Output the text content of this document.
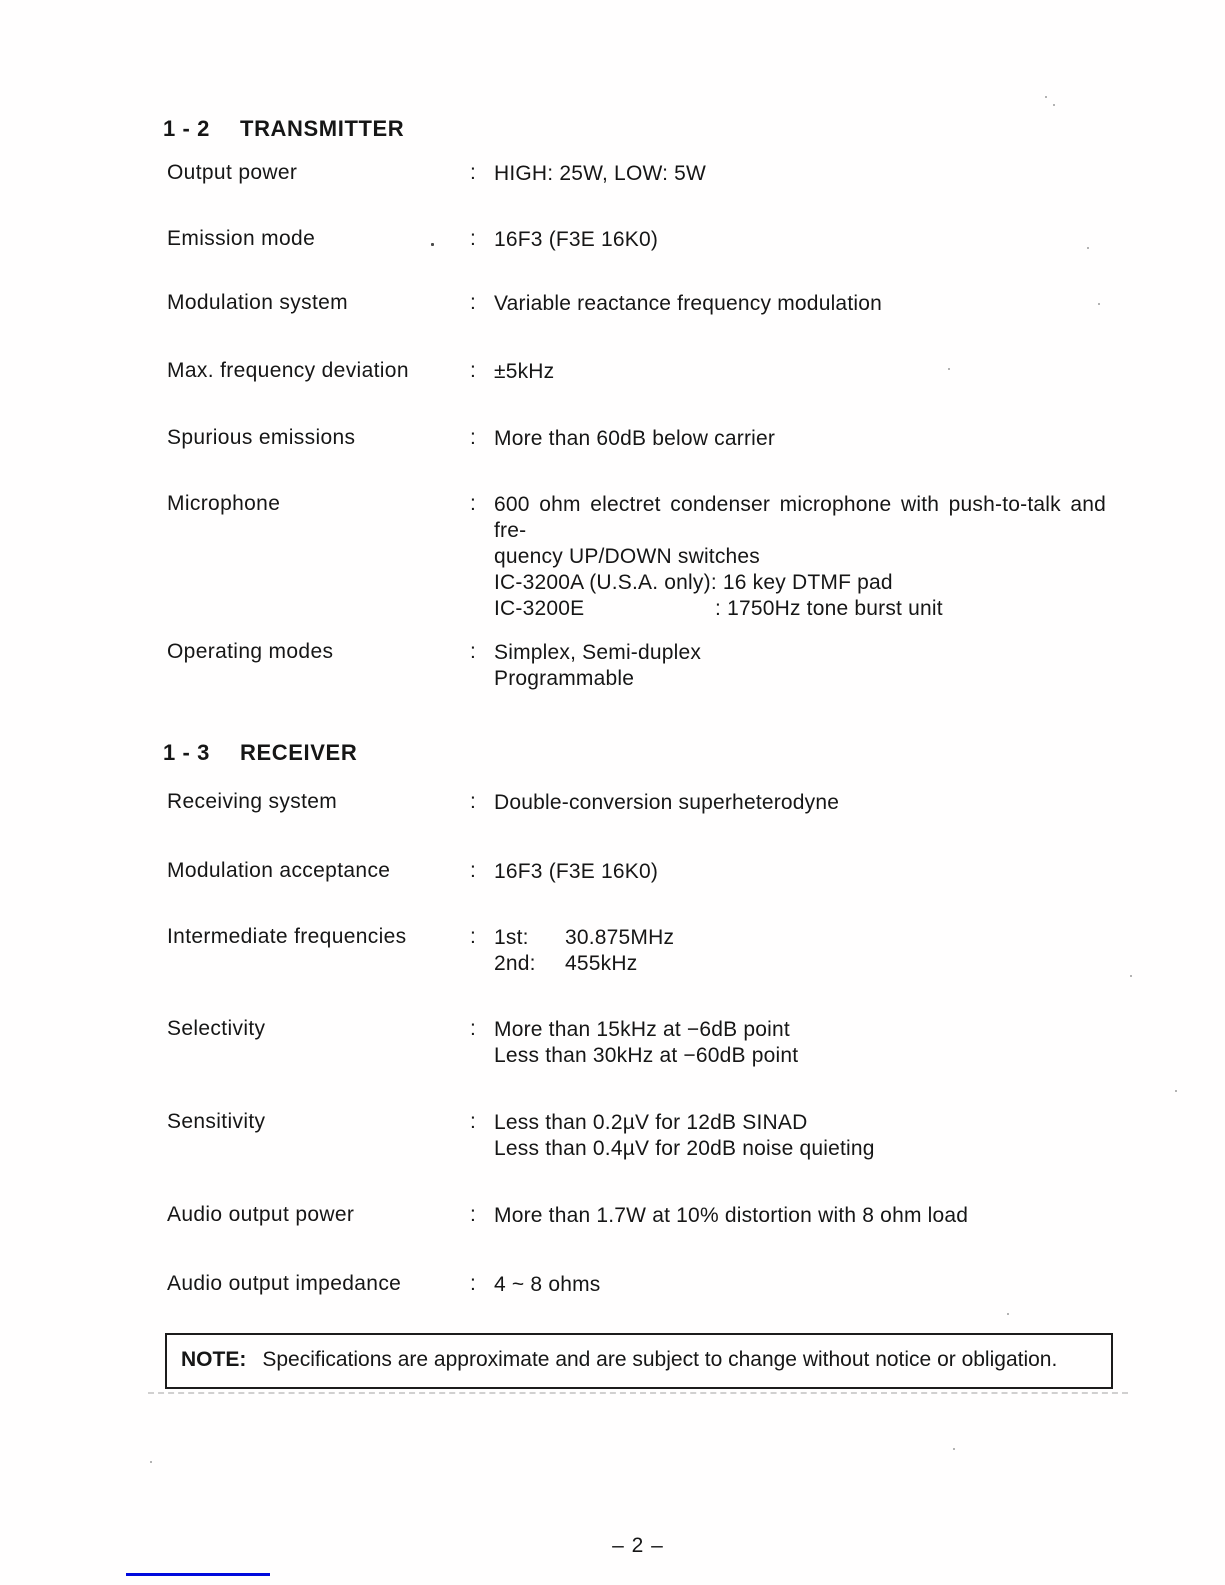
1 - 2 TRANSMITTER
Output power	: HIGH: 25W, LOW: 5W
Emission mode	: 16F3 (F3E 16K0)
Modulation system	: Variable reactance frequency modulation
Max. frequency deviation	: ±5kHz
Spurious emissions	: More than 60dB below carrier
Microphone	: 600 ohm electret condenser microphone with push-to-talk and fre-
quency UP/DOWN switches
IC-3200A (U.S.A. only): 16 key DTMF pad
IC-3200E	: 1750Hz tone burst unit
Operating modes	: Simplex, Semi-duplex
Programmable
1 - 3 RECEIVER
Receiving system	: Double-conversion superheterodyne
Modulation acceptance	: 16F3 (F3E 16K0)
Intermediate frequencies	: 1st: 30.875MHz
2nd: 455kHz
Selectivity	: More than 15kHz at −6dB point
Less than 30kHz at −60dB point
Sensitivity	: Less than 0.2µV for 12dB SINAD
Less than 0.4µV for 20dB noise quieting
Audio output power	: More than 1.7W at 10% distortion with 8 ohm load
Audio output impedance	: 4 ~ 8 ohms
NOTE: Specifications are approximate and are subject to change without notice or obligation.
– 2 –
